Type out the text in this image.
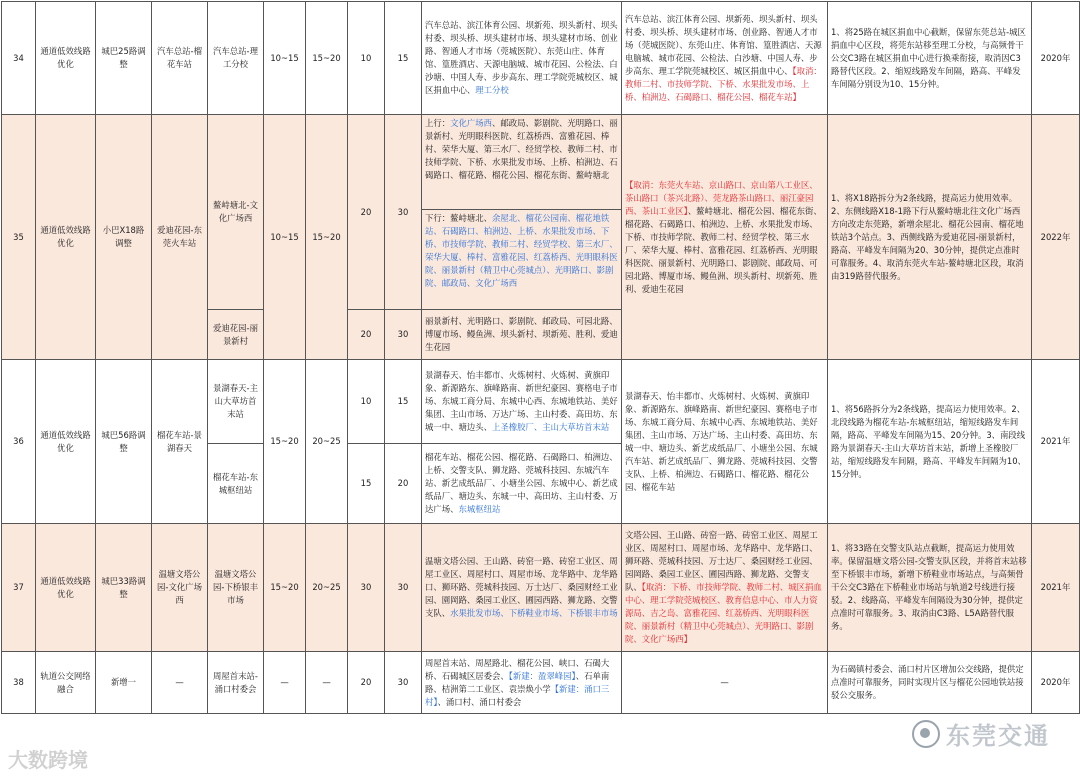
34	通道低效线路优化	城巴25路调整	汽车总站-榴花车站	汽车总站-理工分校	10~15	15~20	10	15	汽车总站、滨江体育公园、坝新苑、坝头新村、坝头村委、坝头桥、坝头建材市场、坝头建材市场、创业路、智通人才市场（莞城医院）、东莞山庄、体育馆、篁胜酒店、天源电脑城、城市花园、公检法、白沙塘、中国人寿、步步高东、理工学院莞城校区、城区捐血中心、理工分校	汽车总站、滨江体育公园、坝新苑、坝头新村、坝头村委、坝头桥、坝头建材市场、创业路、智通人才市场（莞城医院）、东莞山庄、体育馆、篁胜酒店、天源电脑城、城市花园、公检法、白沙塘、中国人寿、步步高东、理工学院莞城校区、城区捐血中心、【取消：教师二村、市技师学院、下桥、水果批发市场、上桥、柏洲边、石碣路口、榴花公园、榴花车站】	1、将25路在城区捐血中心截断，保留东莞总站-城区捐血中心区段，将莞东站移至理工分校，与高频骨干公交C3路在城区捐血中心进行换乘衔接，取消因C3路替代区段。2、缩短线路发车间隔，路高、平峰发车间隔分别设为10、15分钟。	2020年
35	通道低效线路优化	小巴X18路调整	爱迪花园-东莞火车站	鳌峙塘北-文化广场西	10~15	15~20	20	30	上行：文化广场西、邮政局、影剧院、光明路口、丽景新村、光明眼科医院、红荔桥西、富雅花园、棒村、荣华大厦、第三水厂、经贸学校、教师二村、市技师学院、下桥、水果批发市场、上桥、柏洲边、石碣路口、榴花路、榴花公园、榴花东街、鳌峙塘北
下行：鳌峙塘北、余屋北、榴花公园南、榴花地铁站、石碣路口、柏洲边、上桥、水果批发市场、下桥、市技师学院、教师二村、经贸学校、第三水厂、荣华大厦、棒村、富雅花园、红荔桥西、光明眼科医院、丽景新村（精卫中心莞城点）、光明路口、影剧院、邮政局、文化广场西	【取消：东莞火车站、京山路口、京山第八工业区、茶山路口（茶兴北路）、莞龙路茶山路口、丽江豪园西、茶山工业区】、鳌峙塘北、榴花公园、榴花东街、榴花路、石碣路口、柏洲边、上桥、水果批发市场、下桥、市技师学院、教师二村、经贸学校、第三水厂、荣华大厦、棒村、富雅花园、红荔桥西、光明眼科医院、丽景新村、光明路口、影剧院、邮政局、可园北路、博厦市场、鳗鱼洲、坝头新村、坝新苑、胜利、爱迪生花园	1、将X18路拆分为2条线路，提高运力使用效率。2、东侧线路X18-1路下行从鳌峙塘北往文化广场西方向改走东莞路，新增余屋北、榴花公园南、榴花地铁站3个站点。3、西侧线路为爱迪花园-丽景新村，路高、平峰发车间隔为20、30分钟，提供定点准时可靠服务。4、取消东莞火车站-鳌峙塘北区段，取消由319路替代服务。	2022年
				爱迪花园-丽景新村			20	30	丽景新村、光明路口、影剧院、邮政局、可园北路、博厦市场、鳗鱼洲、坝头新村、坝新苑、胜利、爱迪生花园			
36	通道低效线路优化	城巴56路调整	榴花车站-景湖春天	景湖春天-主山大草坊首末站	15~20	20~25	10	15	景湖春天、怡丰都市、火炼树村、火炼树、黄旗印象、新源路东、旗峰路南、新世纪豪园、赛格电子市场、东城工商分局、东城中心西、东城地铁站、美好集团、主山市场、万达广场、主山村委、高田坊、东城一中、塘边头、上圣橡胶厂、主山大草坊首末站	景湖春天、怡丰都市、火炼树村、火炼树、黄旗印象、新源路东、旗峰路南、新世纪豪园、赛格电子市场、东城工商分局、东城中心西、东城地铁站、美好集团、主山市场、万达广场、主山村委、高田坊、东城一中、塘边头、新艺成纸品厂、小塘坐公园、东城汽车站、新艺成纸品厂、狮龙路、莞城科技园、交警支队、上桥、柏洲边、石碣路口、榴花路、榴花公园、榴花车站	1、将56路拆分为2条线路，提高运力使用效率。2、北段线路为榴花车站-东城枢纽站，缩短线路发车间隔，路高、平峰发车间隔为15、20分钟。3、南段线路为景湖春天-主山大草坊首末站，新增上圣橡胶厂站，缩短线路发车间隔，路高、平峰发车间隔为10、15分钟。	2021年
				榴花车站-东城枢纽站			15	20	榴花车站、榴花公园、榴花路、石碣路口、柏洲边、上桥、交警支队、狮龙路、莞城科技园、东城汽车站、新艺成纸品厂、小塘坐公园、东城中心、新艺成纸品厂、塘边头、东城一中、高田坊、主山村委、万达广场、东城枢纽站			
37	通道低效线路优化	城巴33路调整	温塘文塔公园-文化广场西	温塘文塔公园-下桥银丰市场	15~20	20~25	30	30	温塘文塔公园、王山路、砖窑一路、砖窑工业区、周屋工业区、周屋村口、周屋市场、龙华路中、龙华路口、狮环路、莞城科技园、万士达厂、桑园财经工业园、園岡路、桑园工业区、圃园西路、狮龙路、交警支队、水果批发市场、下桥鞋业市场、下桥银丰市场	文塔公园、王山路、砖窑一路、砖窑工业区、周屋工业区、周屋村口、周屋市场、龙华路中、龙华路口、狮环路、莞城科技园、万士达厂、桑园财经工业园、园岡路、桑园工业区、圃园西路、狮龙路、交警支队、【取消：下桥、市技师学院、教师二村、城区捐血中心、理工学院莞城校区、教育信息中心、市人力资源局、吉之岛、富雅花园、红荔桥西、光明眼科医院、丽景新村（精卫中心莞城点）、光明路口、影剧院、文化广场西】	1、将33路在交警支队站点截断，提高运力使用效率。保留温塘文塔公园-交警支队区段，并将首末站移至下桥银丰市场，新增下桥鞋业市场站点，与高频骨干公交C3路在下桥鞋业市场站与轨道2号线进行接驳。2、线路高、平峰发车间隔设为30分钟，提供定点准时可靠服务。3、取消由C3路、L5A路替代服务。	2021年
38	轨道公交网络融合	新增一	—	周屋首末站-涌口村委会	—	—	20	30	周屋首末站、周屋路北、榴花公园、峡口、石碣大桥、石碣城区居委会、【新建：盈翠峰园】、石单南路、桔洲第二工业区、袁崇焕小学【新建：涌口三村】、涌口村、涌口村委会	—	为石碣镇村委会、涌口村片区增加公交线路，提供定点准时可靠服务，同时实现片区与榴花公园地铁站接驳公交服务。	2020年
大数跨境
东莞交通
